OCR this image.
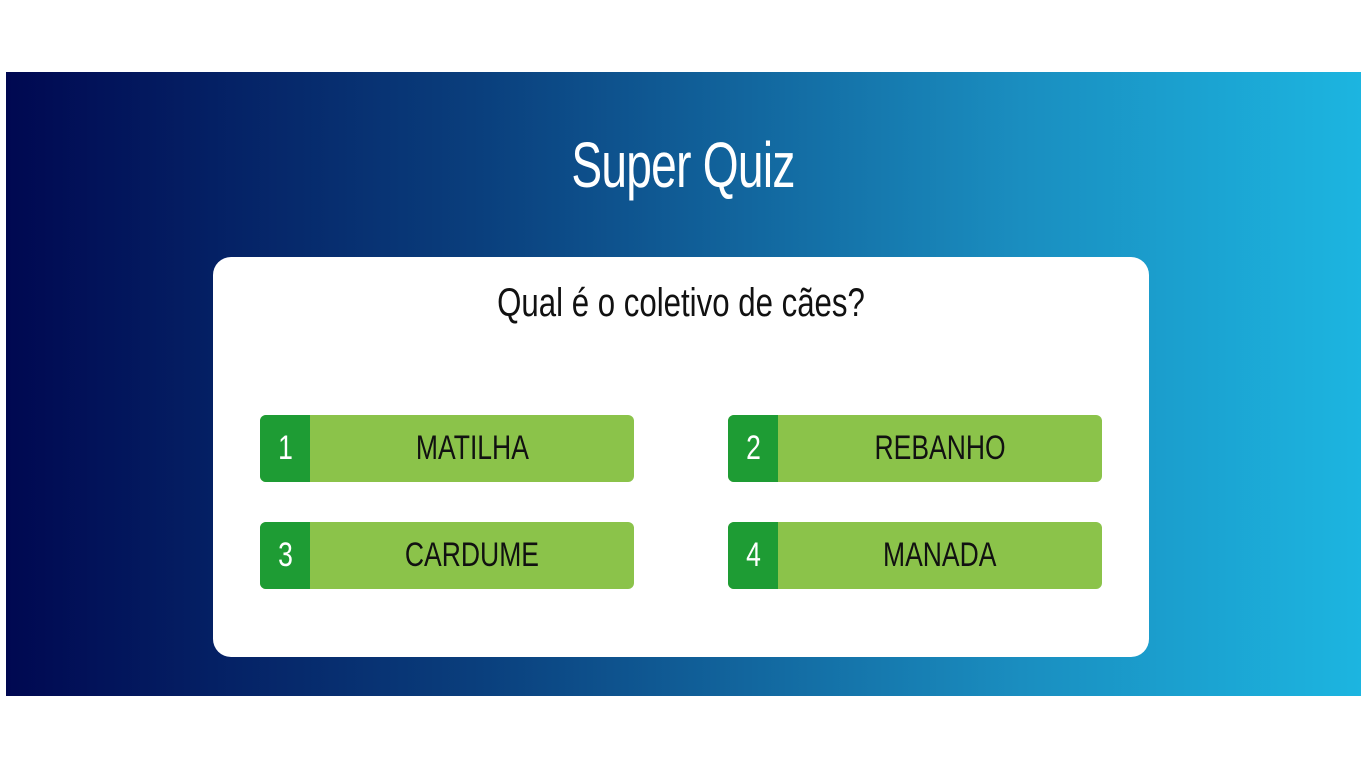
Super Quiz
Qual é o coletivo de cães?
1	MATILHA	2	REBANHO
3	CARDUME	4	MANADA
